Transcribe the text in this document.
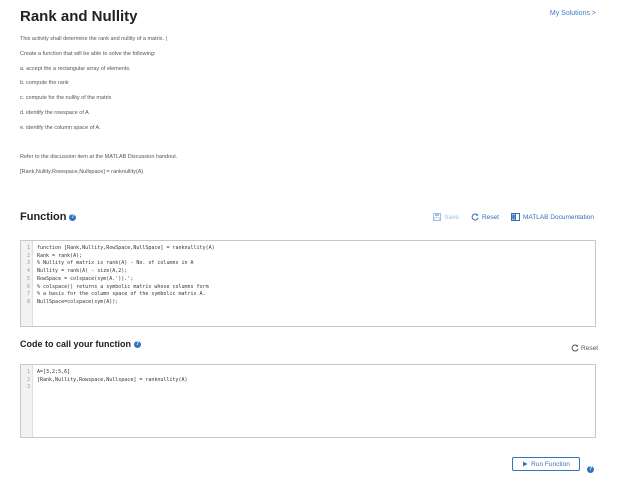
Rank and Nullity	My Solutions >

This activity shall determine the rank and nullity of a matrix. |

Create a function that will be able to solve the following:

a. accept the a rectangular array of elements.

b. compute the rank

c. compute for the nullity of the matrix

d. identify the rowspace of A

e. identify the column space of A.

Refer to the discussion item at the MATLAB Discussion handout.

[Rank,Nullity,Rowspace,Nullspace] = ranknullity(A)

Function ?	Save	Reset	MATLAB Documentation
1	function [Rank,Nullity,RowSpace,NullSpace] = ranknullity(A)
2	Rank = rank(A);
3	% Nullity of matrix is rank(A) - No. of columns in A
4	Nullity = rank(A) - size(A,2);
5	RowSpace = colspace(sym(A.')).';
6	% colspace() returns a symbolic matrix whose columns form
7	% a basis for the column space of the symbolic matrix A.
8	NullSpace=colspace(sym(A));
Code to call your function ?
Reset
1	A=[3,2;5,6]
2	[Rank,Nullity,Rowspace,Nullspace] = ranknullity(A)
3
Run Function
?
